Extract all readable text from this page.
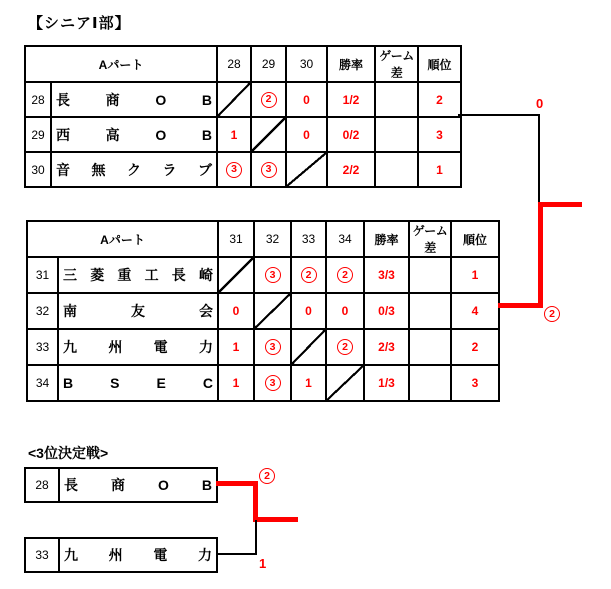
【シニアⅠ部】
Aパート		28	29	30	勝率	ゲーム差	順位
28	長 商 O B		2	0	1/2		2
29	西 高 O B	1		0	0/2		3
30	音 無 ク ラ ブ	3	3		2/2		1
Aパート		31	32	33	34	勝率	ゲーム差	順位
31	三 菱 重 工 長 崎		3	2	2	3/3		1
32	南 友 会	0		0	0	0/3		4
33	九 州 電 力	1	3		2	2/3		2
34	B S E C	1	3	1		1/3		3
0
2
<3位決定戦>
28	長 商 O B
33	九 州 電 力
2
1
